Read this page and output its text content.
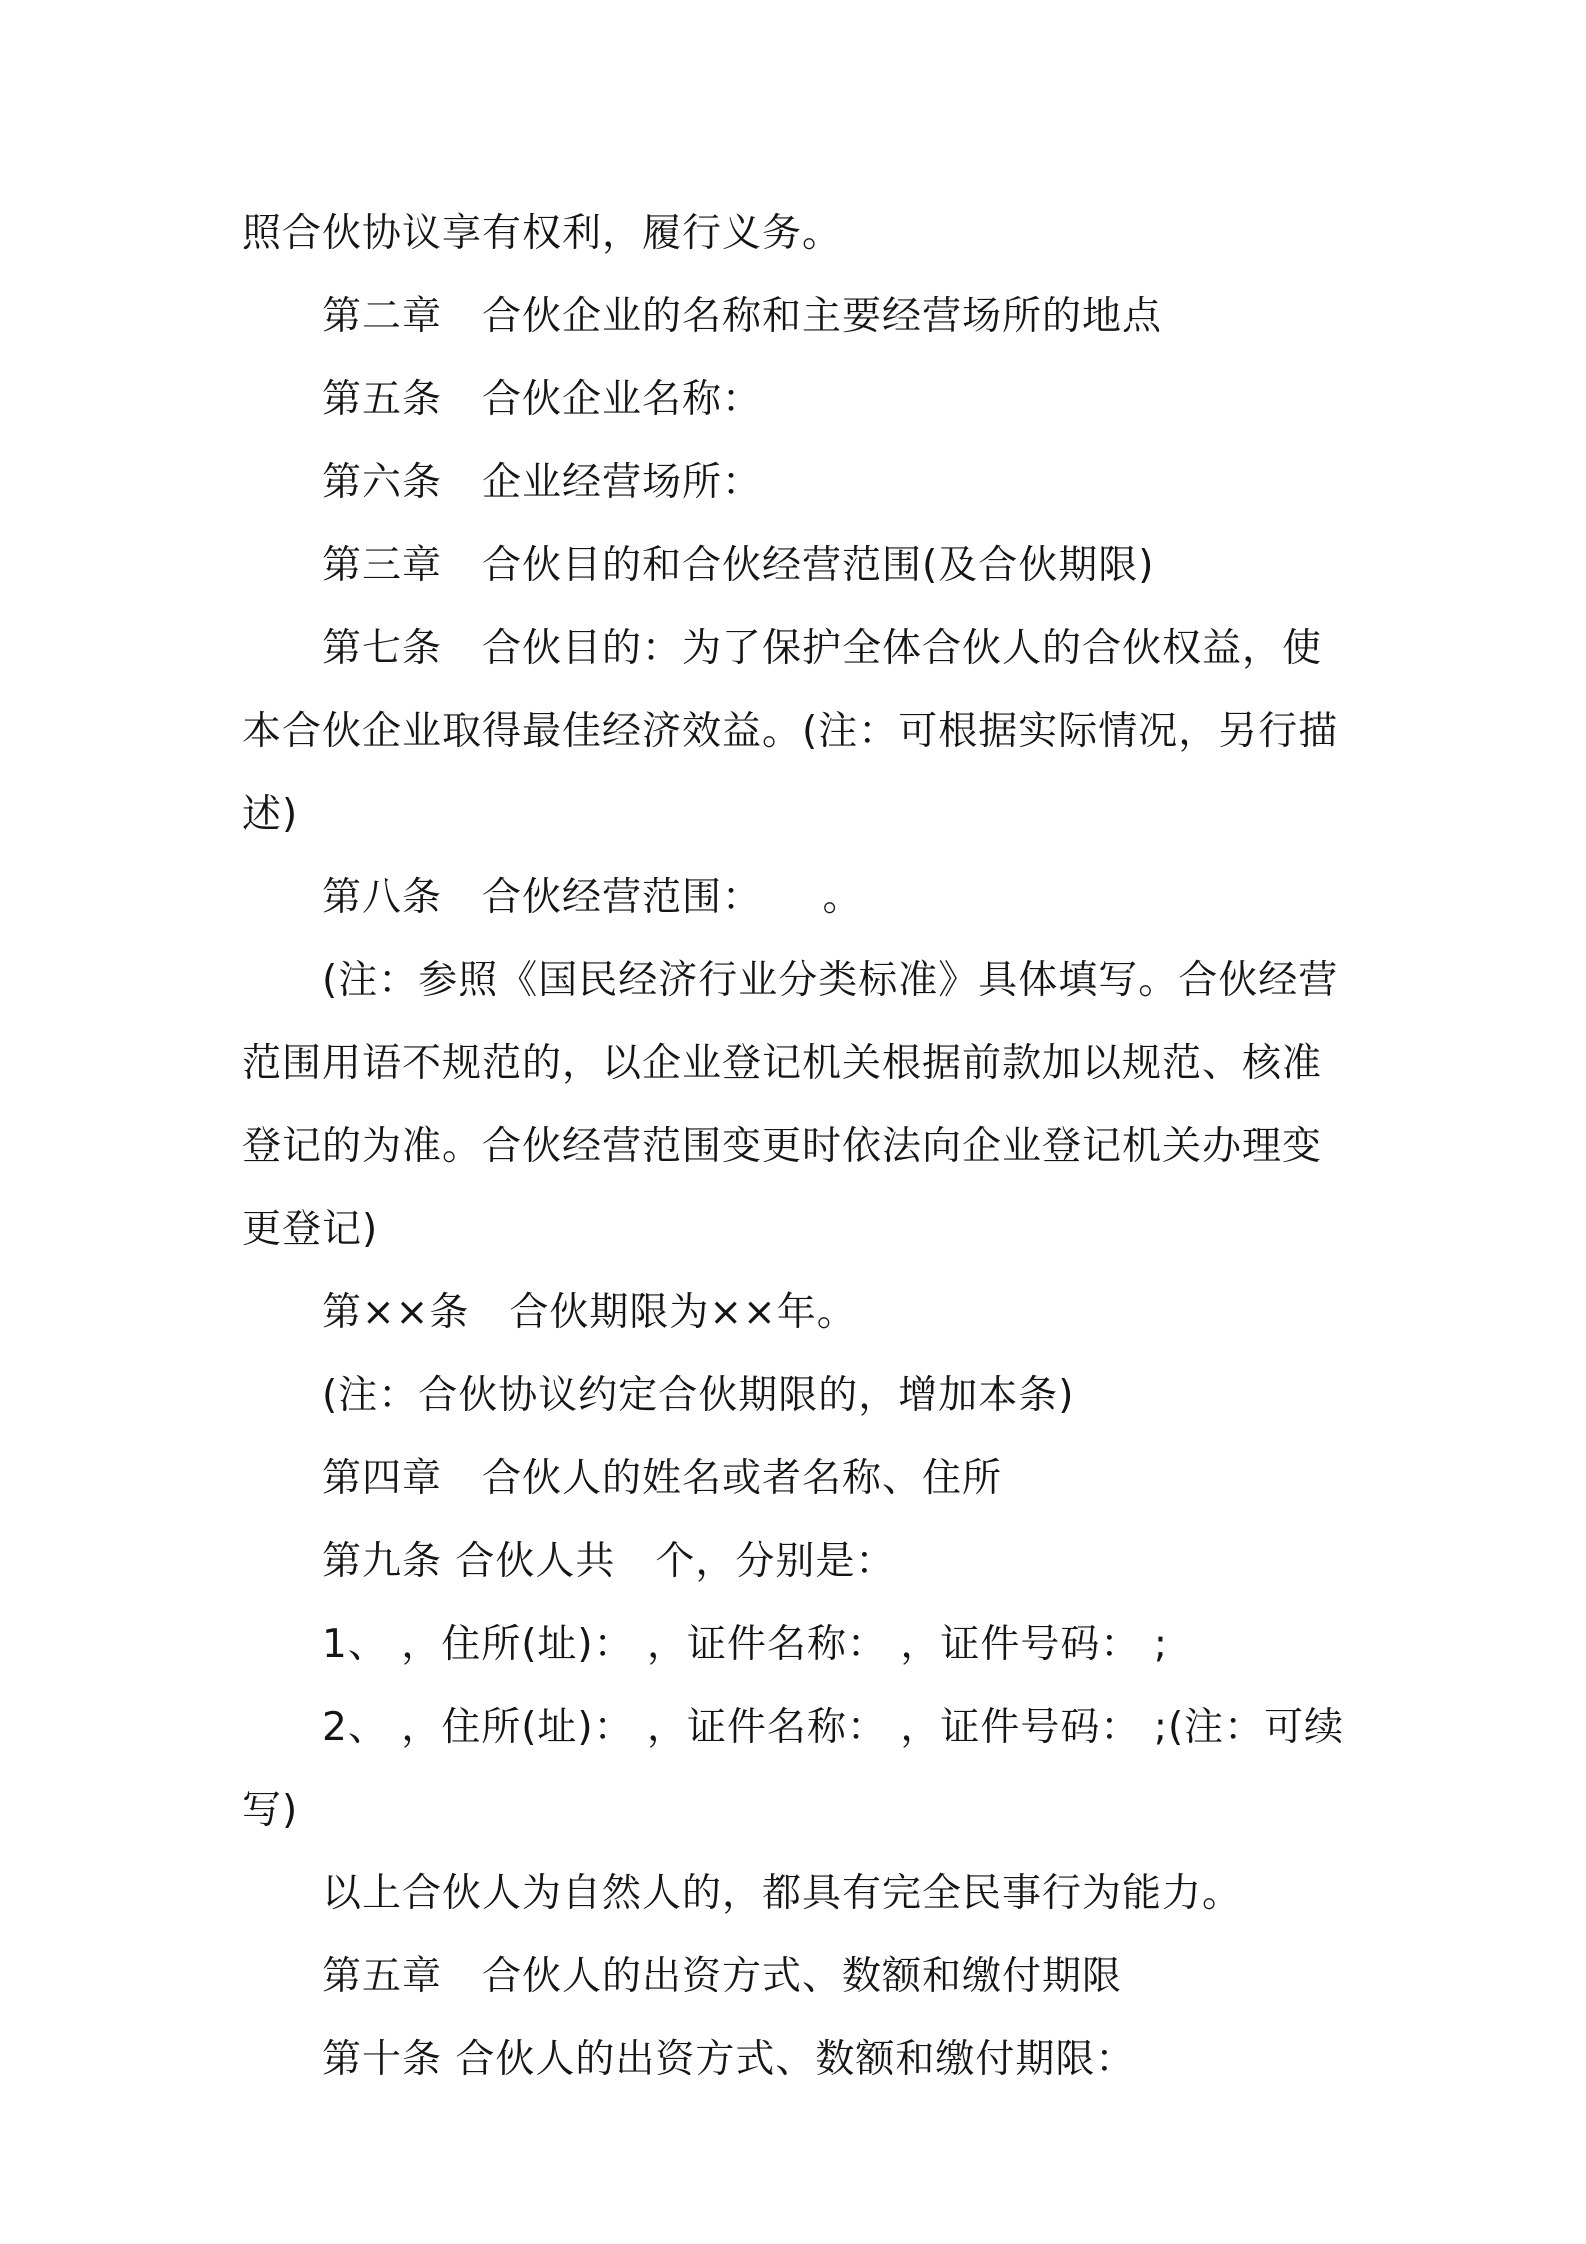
照合伙协议享有权利，履行义务。

第二章　合伙企业的名称和主要经营场所的地点

第五条　合伙企业名称：

第六条　企业经营场所：

第三章　合伙目的和合伙经营范围(及合伙期限)

第七条　合伙目的：为了保护全体合伙人的合伙权益，使本合伙企业取得最佳经济效益。(注：可根据实际情况，另行描述)

第八条　合伙经营范围：　　。

(注：参照《国民经济行业分类标准》具体填写。合伙经营范围用语不规范的，以企业登记机关根据前款加以规范、核准登记的为准。合伙经营范围变更时依法向企业登记机关办理变更登记)

第××条　合伙期限为××年。

(注：合伙协议约定合伙期限的，增加本条)

第四章　合伙人的姓名或者名称、住所

第九条 合伙人共　个，分别是：

1、 ，住所(址)： ，证件名称： ，证件号码： ;

2、 ，住所(址)： ，证件名称： ，证件号码： ;(注：可续写)

以上合伙人为自然人的，都具有完全民事行为能力。

第五章　合伙人的出资方式、数额和缴付期限

第十条 合伙人的出资方式、数额和缴付期限：
